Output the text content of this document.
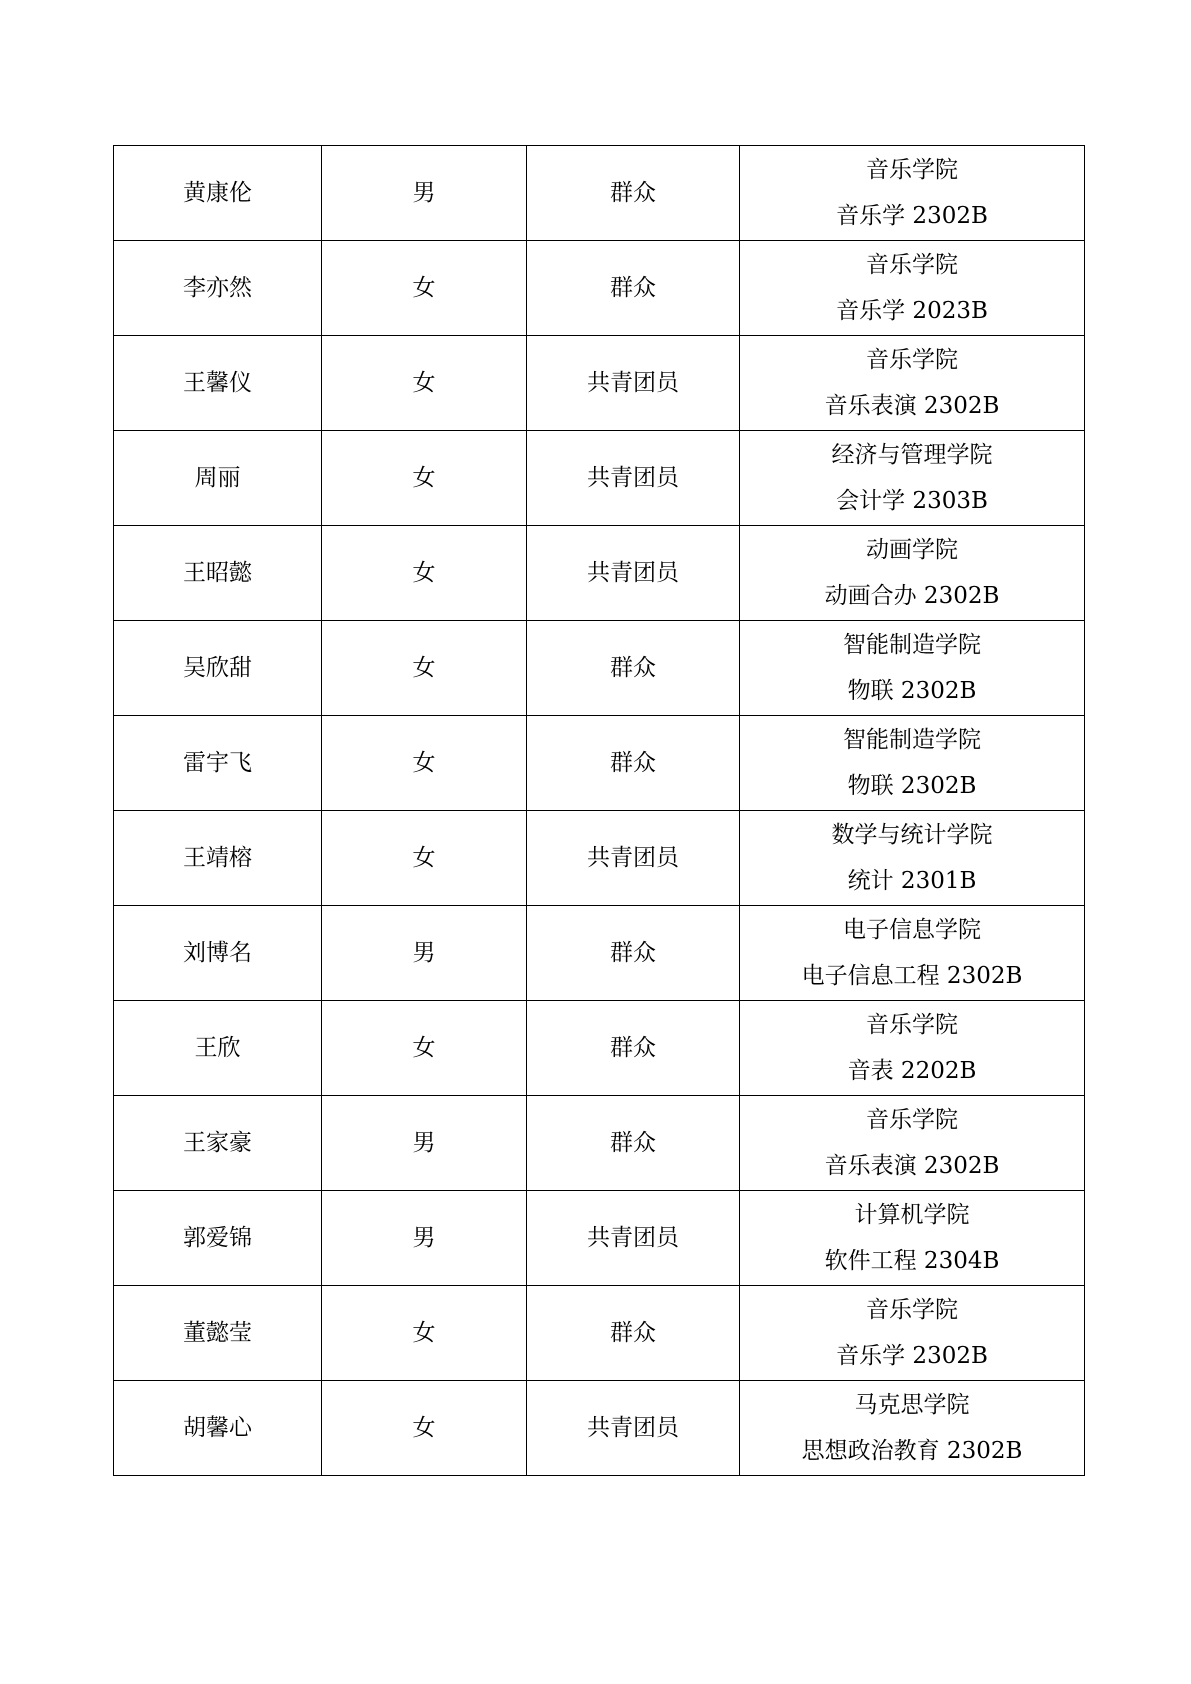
黄康伦	男	群众	音乐学院
音乐学 2302B

李亦然	女	群众	音乐学院
音乐学 2023B

王馨仪	女	共青团员	音乐学院
音乐表演 2302B

周丽	女	共青团员	经济与管理学院
会计学 2303B

王昭懿	女	共青团员	动画学院
动画合办 2302B

吴欣甜	女	群众	智能制造学院
物联 2302B

雷宇飞	女	群众	智能制造学院
物联 2302B

王靖榕	女	共青团员	数学与统计学院
统计 2301B

刘博名	男	群众	电子信息学院
电子信息工程 2302B

王欣	女	群众	音乐学院
音表 2202B

王家豪	男	群众	音乐学院
音乐表演 2302B

郭爱锦	男	共青团员	计算机学院
软件工程 2304B

董懿莹	女	群众	音乐学院
音乐学 2302B

胡馨心	女	共青团员	马克思学院
思想政治教育 2302B
